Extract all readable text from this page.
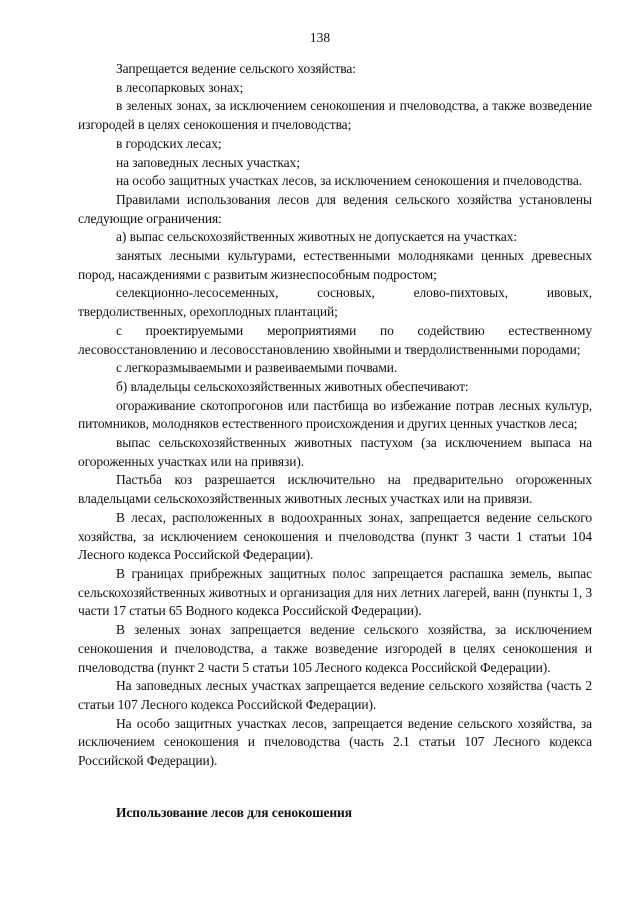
138

Запрещается ведение сельского хозяйства:

в лесопарковых зонах;

в зеленых зонах, за исключением сенокошения и пчеловодства, а также возведение изгородей в целях сенокошения и пчеловодства;

в городских лесах;

на заповедных лесных участках;

на особо защитных участках лесов, за исключением сенокошения и пчеловодства.

Правилами использования лесов для ведения сельского хозяйства установлены следующие ограничения:

а) выпас сельскохозяйственных животных не допускается на участках:

занятых лесными культурами, естественными молодняками ценных древесных пород, насаждениями с развитым жизнеспособным подростом;

селекционно-лесосеменных, сосновых, елово-пихтовых, ивовых, твердолиственных, орехоплодных плантаций;

с проектируемыми мероприятиями по содействию естественному лесовосстановлению и лесовосстановлению хвойными и твердолиственными породами;

с легкоразмываемыми и развеиваемыми почвами.

б) владельцы сельскохозяйственных животных обеспечивают:

огораживание скотопрогонов или пастбища во избежание потрав лесных культур, питомников, молодняков естественного происхождения и других ценных участков леса;

выпас сельскохозяйственных животных пастухом (за исключением выпаса на огороженных участках или на привязи).

Пастьба коз разрешается исключительно на предварительно огороженных владельцами сельскохозяйственных животных лесных участках или на привязи.

В лесах, расположенных в водоохранных зонах, запрещается ведение сельского хозяйства, за исключением сенокошения и пчеловодства (пункт 3 части 1 статьи 104 Лесного кодекса Российской Федерации).

В границах прибрежных защитных полос запрещается распашка земель, выпас сельскохозяйственных животных и организация для них летних лагерей, ванн (пункты 1, 3 части 17 статьи 65 Водного кодекса Российской Федерации).

В зеленых зонах запрещается ведение сельского хозяйства, за исключением сенокошения и пчеловодства, а также возведение изгородей в целях сенокошения и пчеловодства (пункт 2 части 5 статьи 105 Лесного кодекса Российской Федерации).

На заповедных лесных участках запрещается ведение сельского хозяйства (часть 2 статьи 107 Лесного кодекса Российской Федерации).

На особо защитных участках лесов, запрещается ведение сельского хозяйства, за исключением сенокошения и пчеловодства (часть 2.1 статьи 107 Лесного кодекса Российской Федерации).

Использование лесов для сенокошения
